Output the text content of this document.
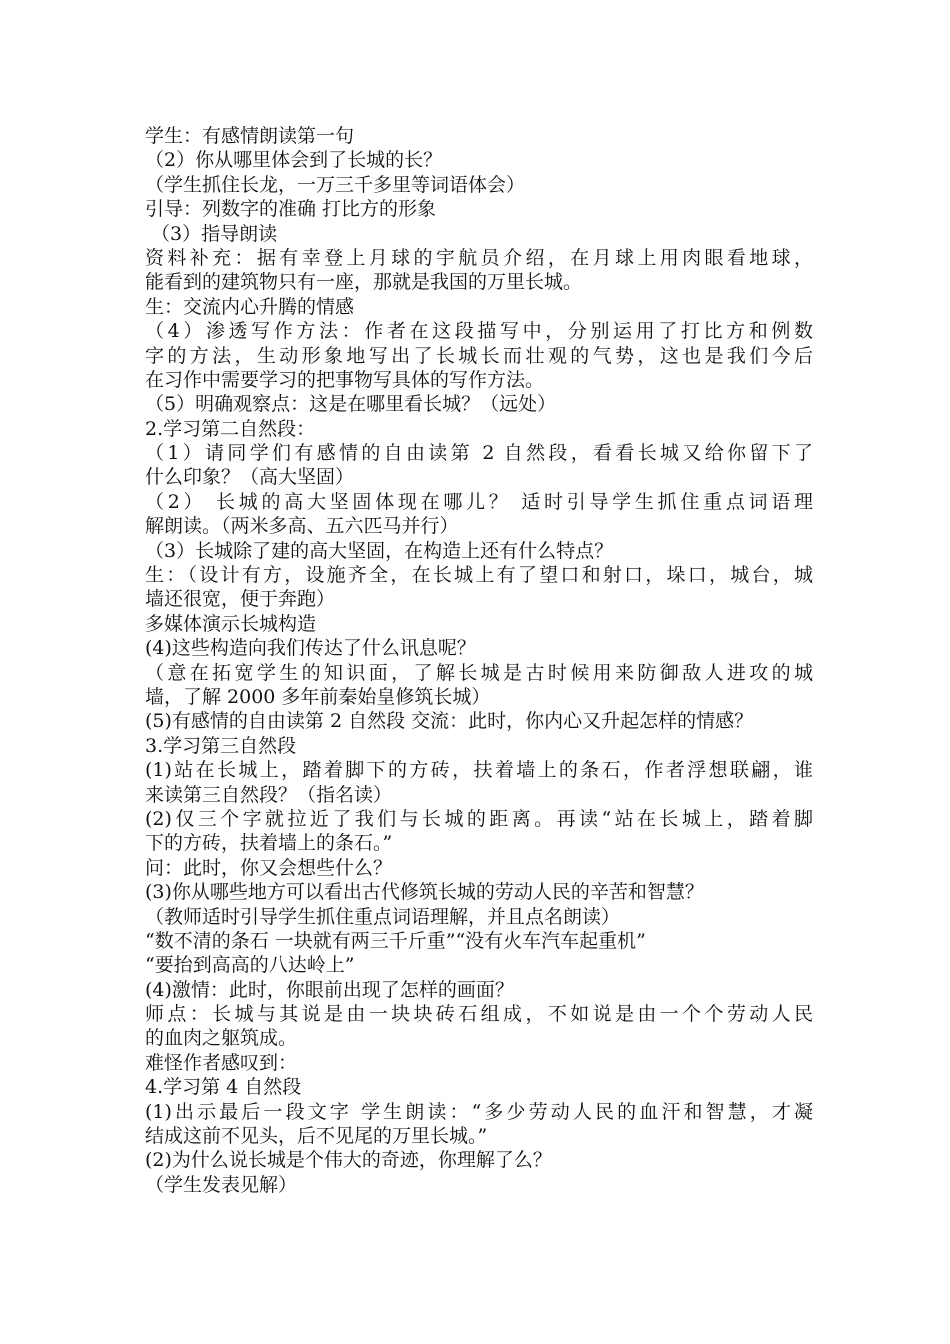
学生：有感情朗读第一句
（2）你从哪里体会到了长城的长？
（学生抓住长龙，一万三千多里等词语体会）
引导：列数字的准确 打比方的形象
（3）指导朗读
资料补充：据有幸登上月球的宇航员介绍，在月球上用肉眼看地球，
能看到的建筑物只有一座，那就是我国的万里长城。
生：交流内心升腾的情感
（4）渗透写作方法：作者在这段描写中，分别运用了打比方和例数
字的方法，生动形象地写出了长城长而壮观的气势，这也是我们今后
在习作中需要学习的把事物写具体的写作方法。
（5）明确观察点：这是在哪里看长城？（远处）
2.学习第二自然段：
（1）请同学们有感情的自由读第 2 自然段，看看长城又给你留下了
什么印象？（高大坚固）
（2） 长城的高大坚固体现在哪儿？ 适时引导学生抓住重点词语理
解朗读。（两米多高、五六匹马并行）
（3）长城除了建的高大坚固，在构造上还有什么特点？
生：（设计有方，设施齐全，在长城上有了望口和射口，垛口，城台，城
墙还很宽，便于奔跑）
多媒体演示长城构造
(4)这些构造向我们传达了什么讯息呢？
（意在拓宽学生的知识面，了解长城是古时候用来防御敌人进攻的城
墙，了解 2000 多年前秦始皇修筑长城）
(5)有感情的自由读第 2 自然段 交流：此时，你内心又升起怎样的情感？
3.学习第三自然段
(1)站在长城上，踏着脚下的方砖，扶着墙上的条石，作者浮想联翩，谁
来读第三自然段？（指名读）
(2)仅三个字就拉近了我们与长城的距离。再读“站在长城上，踏着脚
下的方砖，扶着墙上的条石。”
问：此时，你又会想些什么？
(3)你从哪些地方可以看出古代修筑长城的劳动人民的辛苦和智慧？
（教师适时引导学生抓住重点词语理解，并且点名朗读）
“数不清的条石 一块就有两三千斤重”“没有火车汽车起重机”
“要抬到高高的八达岭上”
(4)激情：此时，你眼前出现了怎样的画面？
师点：长城与其说是由一块块砖石组成，不如说是由一个个劳动人民
的血肉之躯筑成。
难怪作者感叹到：
4.学习第 4 自然段
(1)出示最后一段文字 学生朗读：“多少劳动人民的血汗和智慧，才凝
结成这前不见头，后不见尾的万里长城。”
(2)为什么说长城是个伟大的奇迹，你理解了么？
（学生发表见解）
